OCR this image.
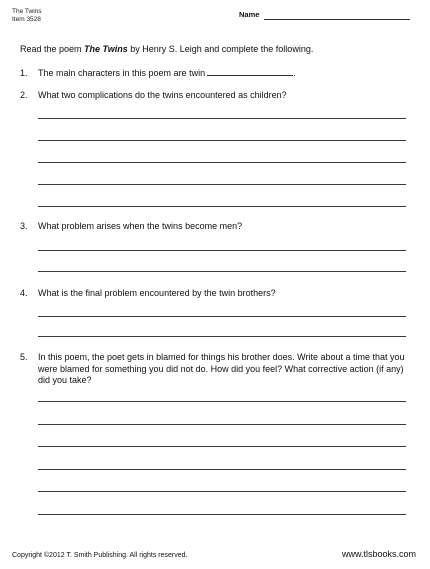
The Twins
Item 3528
Name
Read the poem The Twins by Henry S. Leigh and complete the following.
1. The main characters in this poem are twin	.
2. What two complications do the twins encountered as children?
3. What problem arises when the twins become men?
4. What is the final problem encountered by the twin brothers?
5.	In this poem, the poet gets in blamed for things his brother does. Write about a time that you were blamed for something you did not do. How did you feel? What corrective action (if any) did you take?
Copyright ©2012 T. Smith Publishing. All rights reserved.	www.tlsbooks.com
